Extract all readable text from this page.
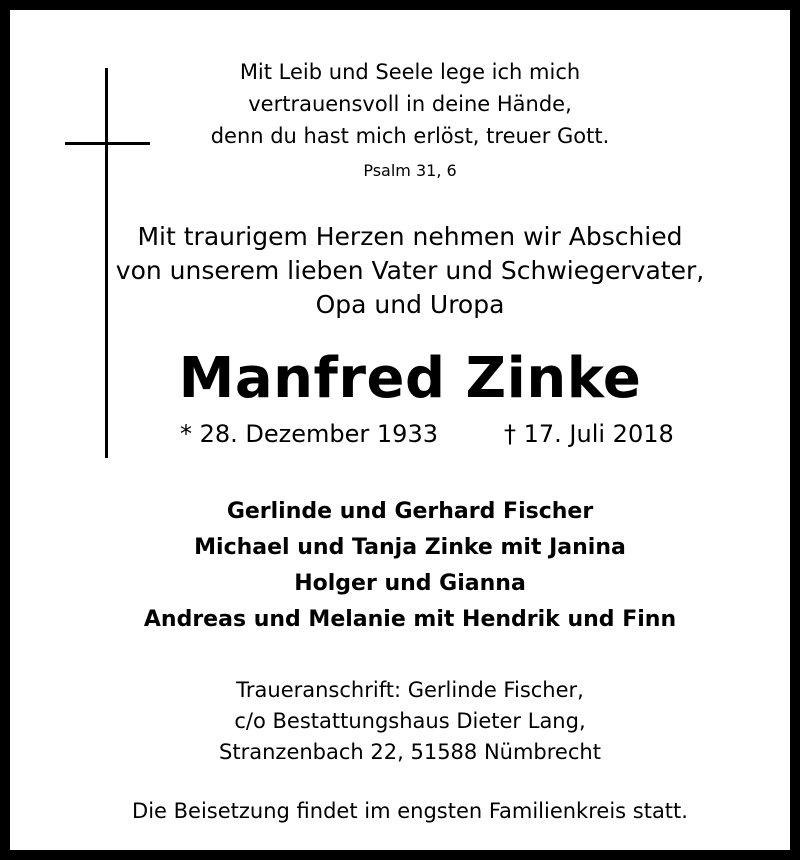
Mit Leib und Seele lege ich mich
vertrauensvoll in deine Hände,
denn du hast mich erlöst, treuer Gott.
Psalm 31, 6
Mit traurigem Herzen nehmen wir Abschied
von unserem lieben Vater und Schwiegervater,
Opa und Uropa
Manfred Zinke
* 28. Dezember 1933	† 17. Juli 2018
Gerlinde und Gerhard Fischer
Michael und Tanja Zinke mit Janina
Holger und Gianna
Andreas und Melanie mit Hendrik und Finn
Traueranschrift: Gerlinde Fischer,
c/o Bestattungshaus Dieter Lang,
Stranzenbach 22, 51588 Nümbrecht
Die Beisetzung findet im engsten Familienkreis statt.
